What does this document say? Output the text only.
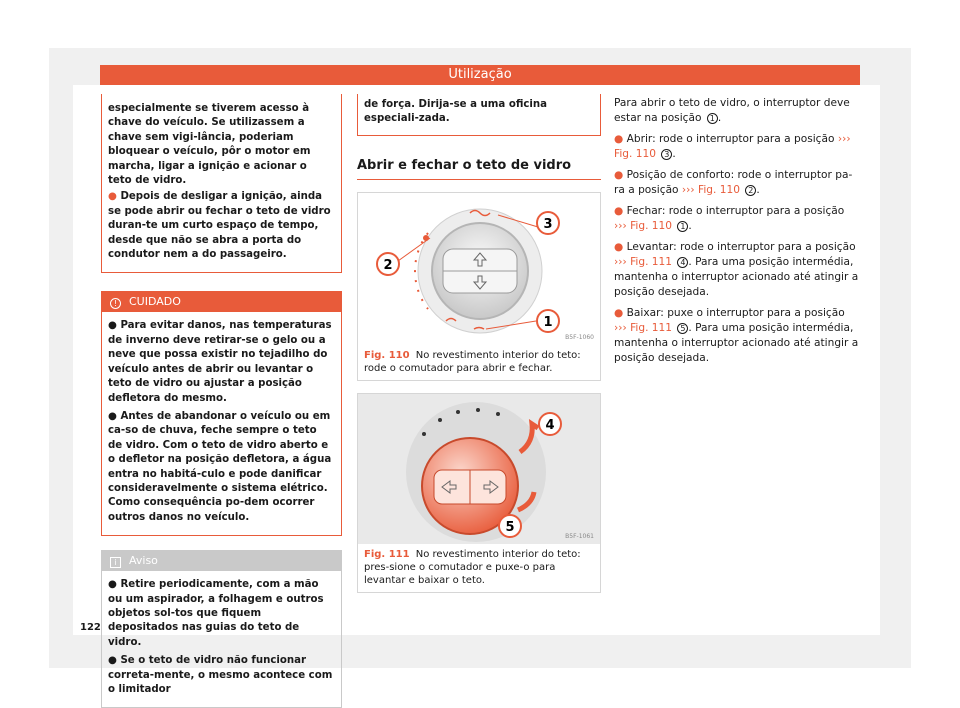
Utilização

especialmente se tiverem acesso à chave do veículo. Se utilizassem a chave sem vigi-lância, poderiam bloquear o veículo, pôr o motor em marcha, ligar a ignição e acionar o teto de vidro.

● Depois de desligar a ignição, ainda se pode abrir ou fechar o teto de vidro duran-te um curto espaço de tempo, desde que não se abra a porta do condutor nem a do passageiro.

! CUIDADO

● Para evitar danos, nas temperaturas de inverno deve retirar-se o gelo ou a neve que possa existir no tejadilho do veículo antes de abrir ou levantar o teto de vidro ou ajustar a posição defletora do mesmo.

● Antes de abandonar o veículo ou em ca-so de chuva, feche sempre o teto de vidro. Com o teto de vidro aberto e o defletor na posição defletora, a água entra no habitá-culo e pode danificar consideravelmente o sistema elétrico. Como consequência po-dem ocorrer outros danos no veículo.

i Aviso

● Retire periodicamente, com a mão ou um aspirador, a folhagem e outros objetos sol-tos que fiquem depositados nas guias do teto de vidro.

● Se o teto de vidro não funcionar correta-mente, o mesmo acontece com o limitador

de força. Dirija-se a uma oficina especiali-zada.
Abrir e fechar o teto de vidro
3
2
1
B5F-1060
Fig. 110 No revestimento interior do teto: rode o comutador para abrir e fechar.
4
5
B5F-1061
Fig. 111 No revestimento interior do teto: pres-sione o comutador e puxe-o para levantar e baixar o teto.

Para abrir o teto de vidro, o interruptor deve estar na posição 1 .

● Abrir: rode o interruptor para a posição ››› Fig. 110 3 .

● Posição de conforto: rode o interruptor pa-ra a posição ››› Fig. 110 2 .

● Fechar: rode o interruptor para a posição ››› Fig. 110 1 .

● Levantar: rode o interruptor para a posição ››› Fig. 111 4 . Para uma posição intermédia, mantenha o interruptor acionado até atingir a posição desejada.

● Baixar: puxe o interruptor para a posição ››› Fig. 111 5 . Para uma posição intermédia, mantenha o interruptor acionado até atingir a posição desejada.

122
